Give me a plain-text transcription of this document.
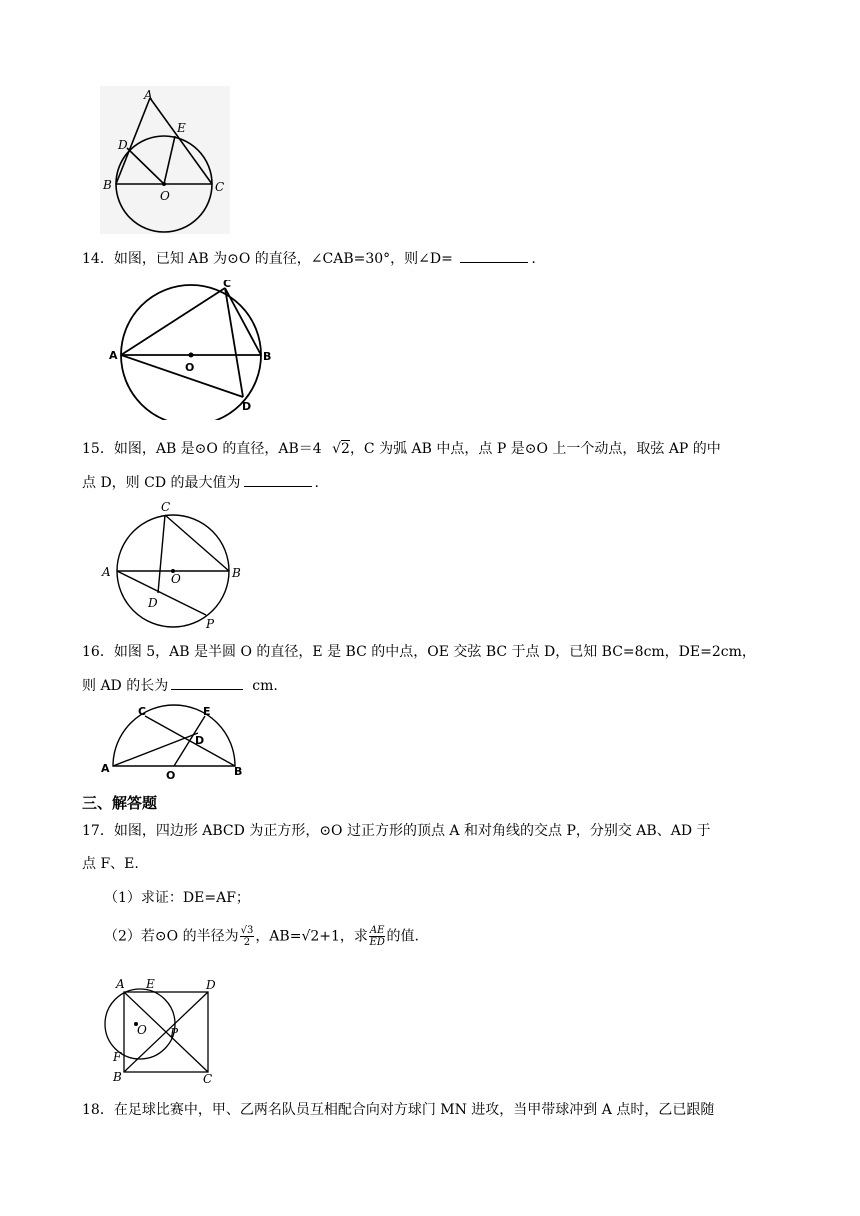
A
D
E
B	C
O
14．如图，已知 AB 为⊙O 的直径，∠CAB=30°，则∠D=	.
A
C
B
D
O
15．如图，AB 是⊙O 的直径，AB＝4 √2，C 为弧 AB 中点，点 P 是⊙O 上一个动点，取弦 AP 的中
点 D，则 CD 的最大值为	.
C
A	B
O
D
P
16．如图 5，AB 是半圆 O 的直径，E 是 BC 的中点，OE 交弦 BC 于点 D，已知 BC=8cm，DE=2cm，
则 AD 的长为	cm.
C	E
D
A
O	B
三、解答题
17．如图，四边形 ABCD 为正方形，⊙O 过正方形的顶点 A 和对角线的交点 P，分别交 AB、AD 于
点 F、E.
（1）求证：DE=AF；
（2）若⊙O 的半径为 $\frac{√3}{2}$ ，AB=√2+1，求 $\frac{AE}{ED}$ 的值.
A E	D
O P
F
B	C
18．在足球比赛中，甲、乙两名队员互相配合向对方球门 MN 进攻，当甲带球冲到 A 点时，乙已跟随
